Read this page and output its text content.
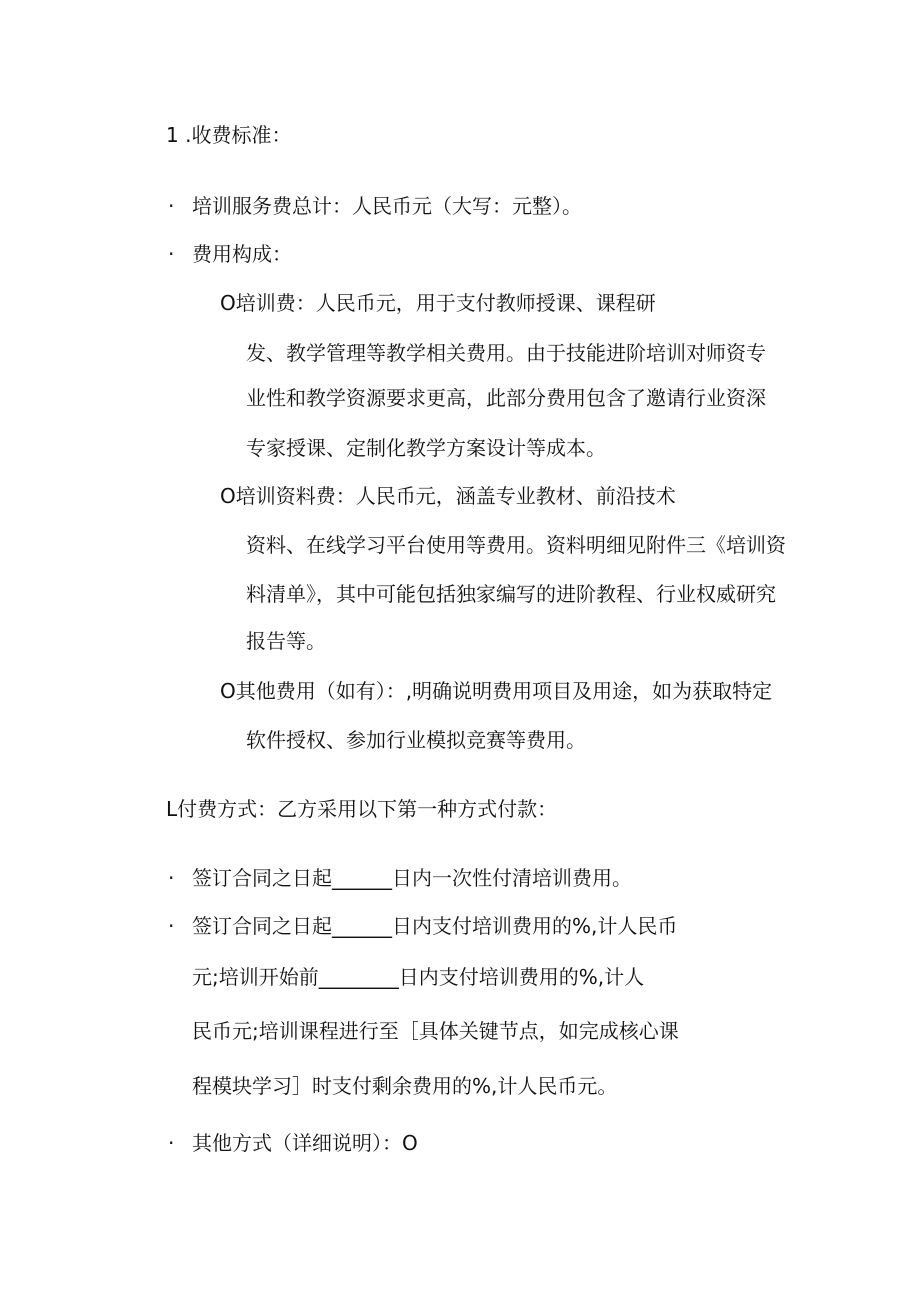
1 .收费标准：
· 培训服务费总计：人民币元（大写：元整）。
· 费用构成：
O培训费：人民币元，用于支付教师授课、课程研
发、教学管理等教学相关费用。由于技能进阶培训对师资专
业性和教学资源要求更高，此部分费用包含了邀请行业资深
专家授课、定制化教学方案设计等成本。
O培训资料费：人民币元，涵盖专业教材、前沿技术
资料、在线学习平台使用等费用。资料明细见附件三《培训资
料清单》，其中可能包括独家编写的进阶教程、行业权威研究
报告等。
O其他费用（如有）：,明确说明费用项目及用途，如为获取特定
软件授权、参加行业模拟竞赛等费用。
L付费方式：乙方采用以下第一种方式付款：
· 签订合同之日起______日内一次性付清培训费用。
· 签订合同之日起______日内支付培训费用的%,计人民币
元;培训开始前________日内支付培训费用的%,计人
民币元;培训课程进行至［具体关键节点，如完成核心课
程模块学习］时支付剩余费用的%,计人民币元。
· 其他方式（详细说明）：O
